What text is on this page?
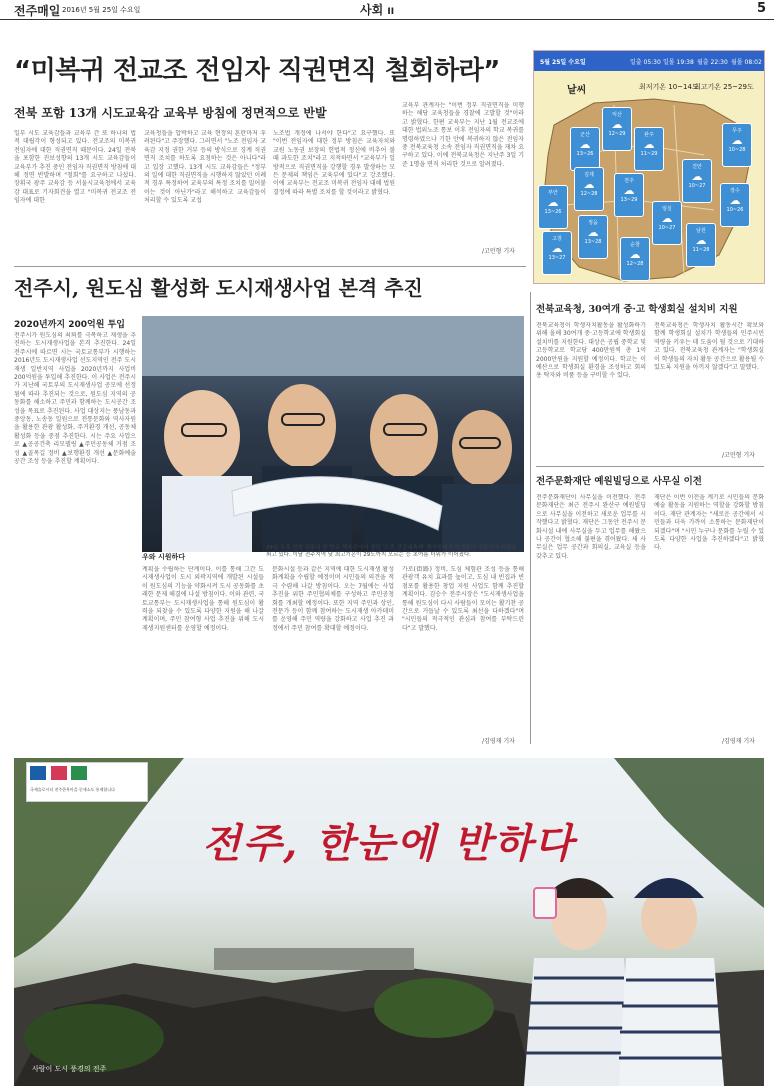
전주매일 2016년 5월 25일 수요일	사회 II	5
“미복귀 전교조 전임자 직권면직 철회하라”
전북 포함 13개 시도교육감 교육부 방침에 정면적으로 반발
일부 시도 교육감들과 교육부 간 또 하나의 법적 대립각이 형성되고 있다. 전교조의 미복귀 전임자에 대한 직권면직 때문이다. 24일 전북을 포함한 진보성향의 13개 시도 교육감들이 교육부가 추진 중인 전임자 직권면직 방침에 대해 정면 반발하며 "철회"를 요구하고 나섰다. 장휘국 광주 교육감 등 서울시교육청에서 교육감 대표로 기자회견을 열고 "미복귀 전교조 전임자에 대한
교육청들을 압박하고 교육 현장의 혼란마저 우려된다"고 주장했다. 그러면서 "노조 전임자 교육감 지정 권한 거부 등의 방식으로 징계 직권면직 조치를 하도록 요청하는 것은 아니다"라고 입장 고했다. 13개 시도 교육감들은 "정부의 일에 대한 직권면직을 시행하지 않았던 이례적 경우 특정하여 교육부의 특정 조치를 밀어붙이는 것이 아닌가"라고 해석하고 교육감들이 처리할 수 있도록 교섭
노조법 개정에 나서야 한다"고 요구했다. 또 "이번 전임자에 대한 정부 방침은 교육자치와 교원 노동권 보장의 헌법적 정신에 비추어 볼 때 과도한 조치"라고 지적하면서 "교육부가 일방적으로 직권면직을 강행할 경우 발생하는 모든 문제의 책임은 교육부에 있다"고 강조했다. 이에 교육부는 전교조 미복귀 전임자 대해 법원 결정에 따라 특별 조치를 할 것이라고 밝혔다.
교육부 관계자는 "이번 정부 직권면직을 미행하는 해당 교육청들을 경찰에 고발할 것"이라고 밝혔다. 한편 교육부는 지난 1월 전교조에 대한 법외노조 통보 이후 전임자의 학교 복귀를 명령하였으나 기한 안에 복귀하지 않은 전임자 중 전북교육청 소속 전임자 직권면직을 재차 요구하고 있다. 이에 전북교육청은 지난주 3일 기준 1명을 면직 처리한 것으로 알려졌다.
/고민형 기자
5월 25일 수요일	일출 05:30 일몰 19:38 월출 22:30 월몰 08:02
날씨	최저기온 10~14도
최고기온 25~29도
익산
☁
12~29
군산
☁
13~26
완주
☁
11~29
전주
☁
13~29
김제
☁
12~28
진안
☁
10~27
무주
☁
10~28
부안
☁
13~26
정읍
☁
13~28
임실
☁
10~27
장수
☁
10~26
고창
☁
13~27
순창
☁
12~28
남원
☁
11~28
전주시, 원도심 활성화 도시재생사업 본격 추진
2020년까지 200억원 투입
전주시가 원도심의 쇠퇴를 극복하고 재생을 추진하는 도시재생사업을 본격 추진한다. 24일 전주시에 따르면 시는 국토교통부가 시행하는 2016년도 도시재생사업 선도지역인 전주 도시재생 일반지역 사업을 2020년까지 사업비 200억원을 투입해 추진한다. 이 사업은 전주시가 지난해 국토부의 도시재생사업 공모에 선정됨에 따라 추진되는 것으로, 원도심 지역의 공동화를 해소하고 주민과 함께하는 도시공간 조성을 목표로 추진된다. 사업 대상지는 풍남동과 중앙동, 노송동 일원으로 전통문화와 역사자원을 활용한 관광 활성화, 주거환경 개선, 공동체 활성화 등을 중점 추진한다. 시는 주요 사업으로 ▲공공건축 리모델링 ▲주민공동체 거점 조성 ▲골목길 정비 ▲보행환경 개선 ▲문화예술 공간 조성 등을 추진할 계획이다.
우와 시원하다
24일 오후 전북 전주의 한 학교 체육관에서 열린 '도민 건강대축제' 행사장에서 학생들이 냉풍기에 바람을 쐬고 있다. 이날 전주지역 낮 최고기온이 29도까지 오르는 등 초여름 더위가 이어졌다.
계획을 수립하는 단계이다. 이를 통해 그간 도시재생사업이 도시 외곽지역에 개발된 시설들이 원도심의 기능을 약화시켜 도시 공동화를 초래한 문제 해결에 나설 방침이다. 이와 관련, 국토교통부는 도시재생사업을 통해 원도심이 활력을 되찾을 수 있도록 다양한 지원을 해 나갈 계획이며, 주민 참여형 사업 추진을 위해 도시재생지원센터를 운영할 예정이다.
문화시설 등과 같은 지역에 대한 도시재생 활성화계획을 수립할 예정이며 시민들의 의견을 적극 수렴해 나갈 방침이다. 오는 7월에는 사업 추진을 위한 주민협의체를 구성하고 주민공청회를 개최할 예정이다. 또한 지역 주민과 상인, 전문가 등이 함께 참여하는 도시재생 아카데미를 운영해 주민 역량을 강화하고 사업 추진 과정에서 주민 참여를 확대할 예정이다.
가로(街路) 정비, 도심 체험관 조성 등을 통해 관광객 유치 효과를 높이고, 도심 내 빈집과 빈 점포를 활용한 창업 지원 사업도 함께 추진할 계획이다. 김승수 전주시장은 "도시재생사업을 통해 원도심이 다시 사람들이 모이는 활기찬 공간으로 거듭날 수 있도록 최선을 다하겠다"며 "시민들의 적극적인 관심과 참여를 부탁드린다"고 말했다.
/김영재 기자
전북교육청, 30여개 중·고 학생회실 설치비 지원
전북교육청이 학생자치활동을 활성화하기 위해 올해 30여개 중·고등학교에 학생회실 설치비를 지원한다. 대상은 공립 중학교 및 고등학교로 학교당 400만원씩 총 1억2000만원을 지원할 예정이다. 학교는 이 예산으로 학생회실 환경을 조성하고 회의용 탁자와 비품 등을 구비할 수 있다.
전북교육청은 학생자치 활동시간 확보와 함께 학생회실 설치가 학생들의 민주시민 역량을 키우는 데 도움이 될 것으로 기대하고 있다. 전북교육청 관계자는 "학생회실이 학생들의 자치 활동 공간으로 활용될 수 있도록 지원을 아끼지 않겠다"고 말했다.
/고민형 기자
전주문화재단 예원빌딩으로 사무실 이전
전주문화재단이 사무실을 이전했다. 전주문화재단은 최근 전주시 완산구 예원빌딩으로 사무실을 이전하고 새로운 업무를 시작했다고 밝혔다. 재단은 그동안 전주시 문화시설 내에 사무실을 두고 업무를 해왔으나 공간이 협소해 불편을 겪어왔다. 새 사무실은 업무 공간과 회의실, 교육실 등을 갖추고 있다.
재단은 이번 이전을 계기로 시민들의 문화예술 활동을 지원하는 역할을 강화할 방침이다. 재단 관계자는 "새로운 공간에서 시민들과 더욱 가까이 소통하는 문화재단이 되겠다"며 "시민 누구나 문화를 누릴 수 있도록 다양한 사업을 추진하겠다"고 밝혔다.
/김영재 기자
국제슬로시티 전주한옥마을 중세소도 통제합니다
전주, 한눈에 반하다
사람이 도시 풍경의 전주
